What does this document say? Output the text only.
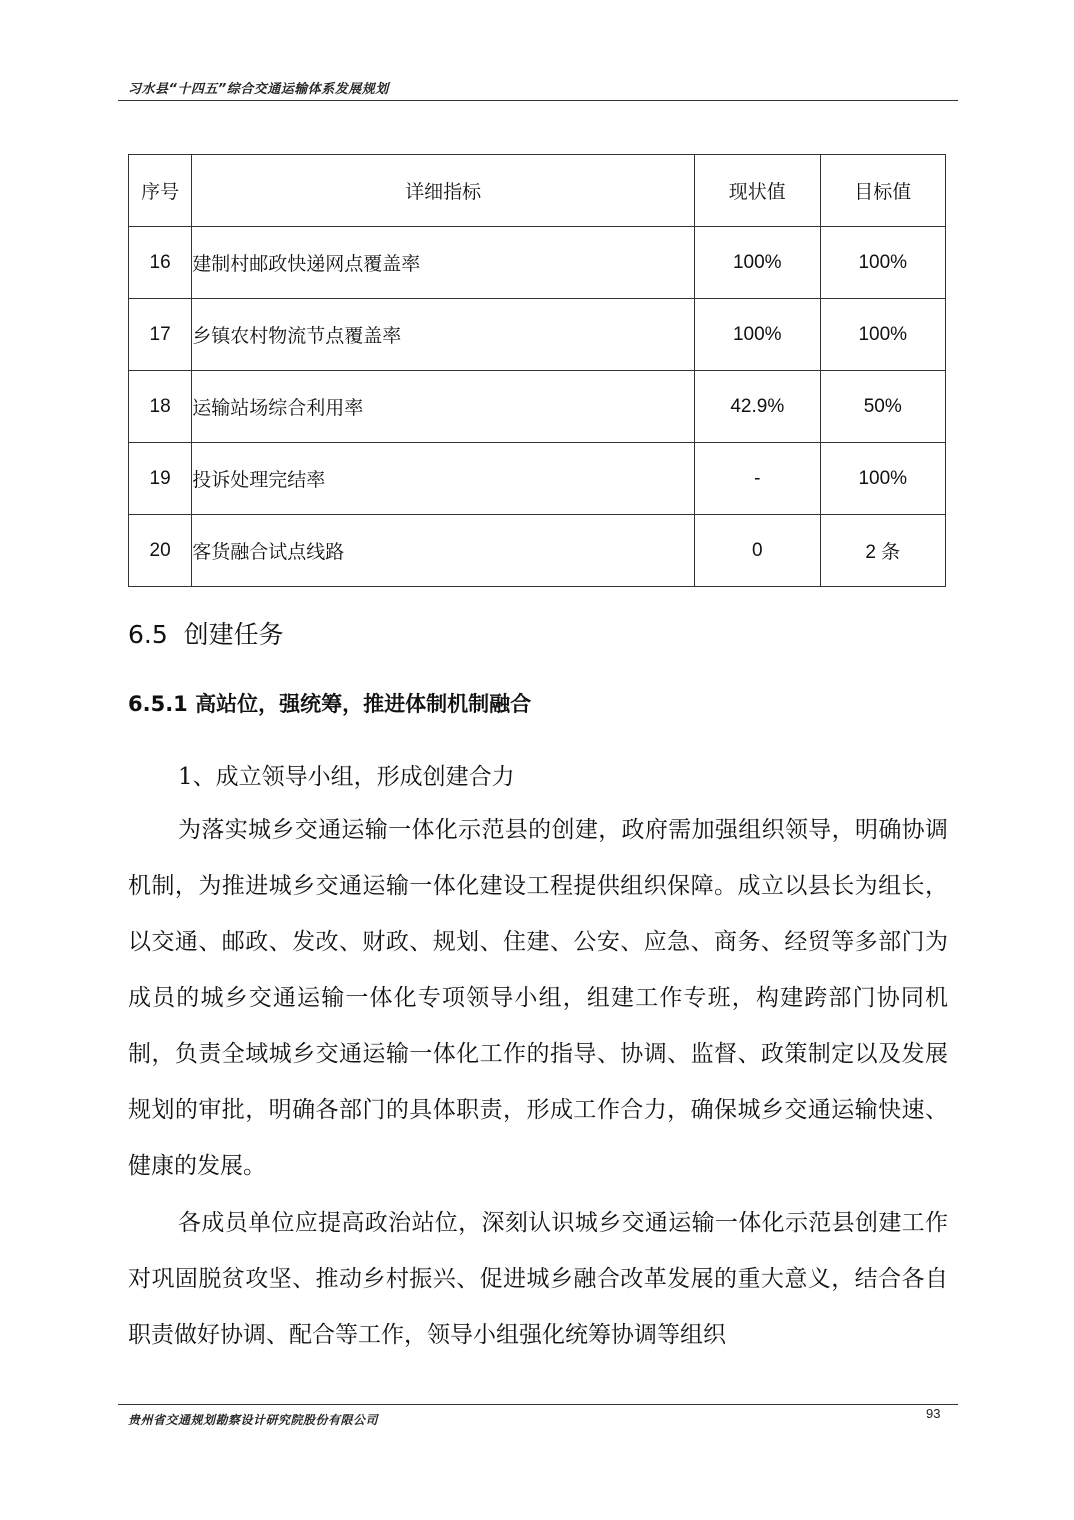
习水县“十四五”综合交通运输体系发展规划
序号	详细指标	现状值	目标值
16	建制村邮政快递网点覆盖率	100%	100%
17	乡镇农村物流节点覆盖率	100%	100%
18	运输站场综合利用率	42.9%	50%
19	投诉处理完结率	-	100%
20	客货融合试点线路	0	2 条
6.5  创建任务
6.5.1 高站位，强统筹，推进体制机制融合
1、成立领导小组，形成创建合力

为落实城乡交通运输一体化示范县的创建，政府需加强组织领导，明确协调机制，为推进城乡交通运输一体化建设工程提供组织保障。成立以县长为组长，以交通、邮政、发改、财政、规划、住建、公安、应急、商务、经贸等多部门为成员的城乡交通运输一体化专项领导小组，组建工作专班，构建跨部门协同机制，负责全域城乡交通运输一体化工作的指导、协调、监督、政策制定以及发展规划的审批，明确各部门的具体职责，形成工作合力，确保城乡交通运输快速、健康的发展。

各成员单位应提高政治站位，深刻认识城乡交通运输一体化示范县创建工作对巩固脱贫攻坚、推动乡村振兴、促进城乡融合改革发展的重大意义，结合各自职责做好协调、配合等工作，领导小组强化统筹协调等组织

贵州省交通规划勘察设计研究院股份有限公司	93
